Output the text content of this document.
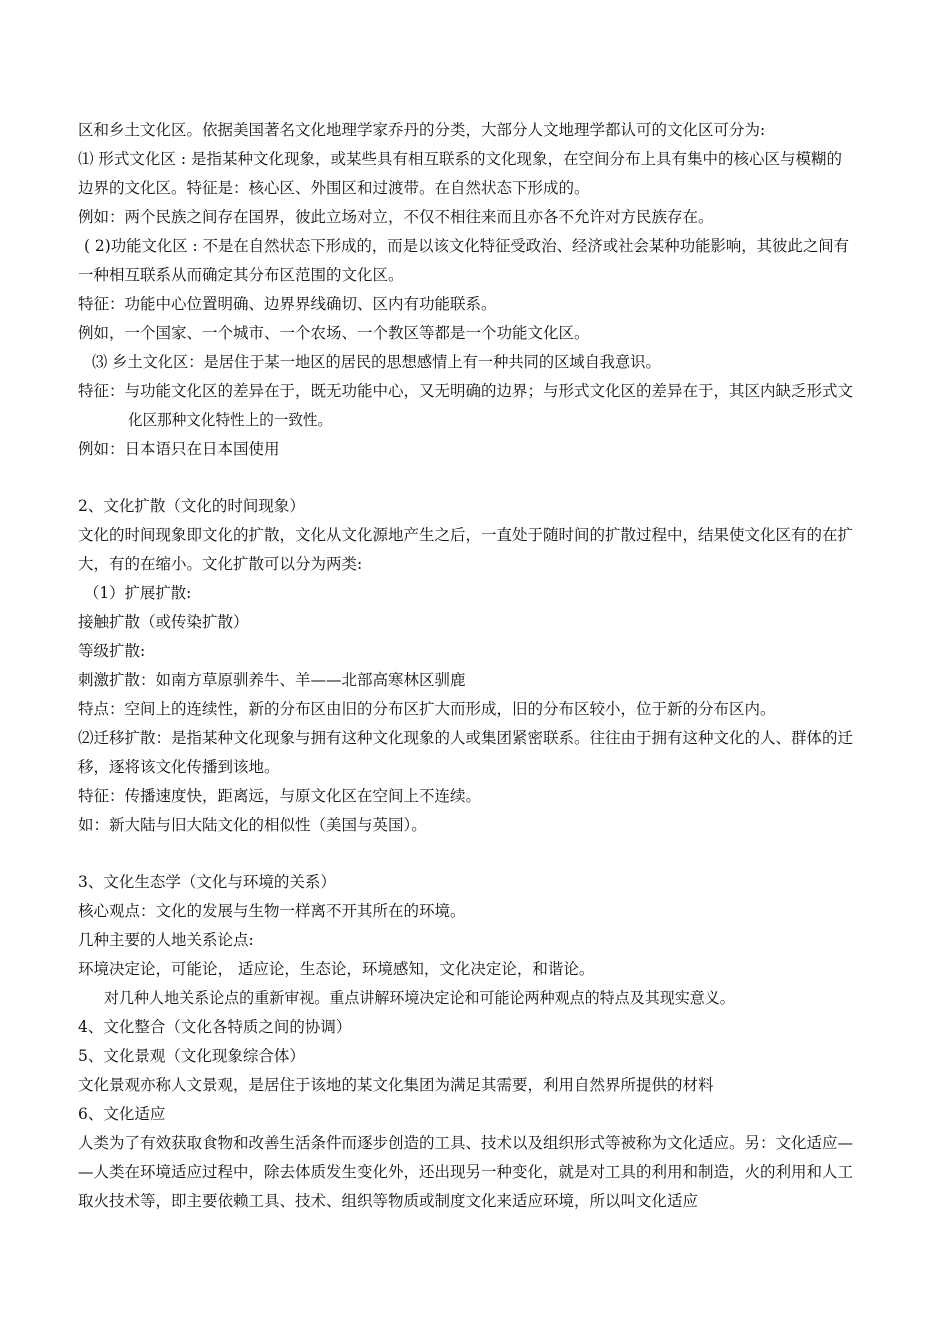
区和乡土文化区。依据美国著名文化地理学家乔丹的分类，大部分人文地理学都认可的文化区可分为:
⑴ 形式文化区 : 是指某种文化现象，或某些具有相互联系的文化现象，在空间分布上具有集中的核心区与模糊的
边界的文化区。特征是：核心区、外围区和过渡带。在自然状态下形成的。
例如：两个民族之间存在国界，彼此立场对立，不仅不相往来而且亦各不允许对方民族存在。
( 2)功能文化区 : 不是在自然状态下形成的，而是以该文化特征受政治、经济或社会某种功能影响，其彼此之间有
一种相互联系从而确定其分布区范围的文化区。
特征：功能中心位置明确、边界界线确切、区内有功能联系。
例如，一个国家、一个城市、一个农场、一个教区等都是一个功能文化区。
⑶ 乡土文化区：是居住于某一地区的居民的思想感情上有一种共同的区域自我意识。
特征：与功能文化区的差异在于，既无功能中心，又无明确的边界；与形式文化区的差异在于，其区内缺乏形式文
化区那种文化特性上的一致性。
例如：日本语只在日本国使用
2、文化扩散（文化的时间现象）
文化的时间现象即文化的扩散，文化从文化源地产生之后，一直处于随时间的扩散过程中，结果使文化区有的在扩
大，有的在缩小。文化扩散可以分为两类:
（1）扩展扩散:
接触扩散（或传染扩散）
等级扩散:
刺激扩散：如南方草原驯养牛、羊——北部高寒林区驯鹿
特点：空间上的连续性，新的分布区由旧的分布区扩大而形成，旧的分布区较小，位于新的分布区内。
⑵迁移扩散：是指某种文化现象与拥有这种文化现象的人或集团紧密联系。往往由于拥有这种文化的人、群体的迁
移，逐将该文化传播到该地。
特征：传播速度快，距离远，与原文化区在空间上不连续。
如：新大陆与旧大陆文化的相似性（美国与英国）。
3、文化生态学（文化与环境的关系）
核心观点：文化的发展与生物一样离不开其所在的环境。
几种主要的人地关系论点:
环境决定论，可能论， 适应论，生态论，环境感知，文化决定论，和谐论。
对几种人地关系论点的重新审视。重点讲解环境决定论和可能论两种观点的特点及其现实意义。
4、文化整合（文化各特质之间的协调）
5、文化景观（文化现象综合体）
文化景观亦称人文景观，是居住于该地的某文化集团为满足其需要，利用自然界所提供的材料
6、文化适应
人类为了有效获取食物和改善生活条件而逐步创造的工具、技术以及组织形式等被称为文化适应。另：文化适应—
—人类在环境适应过程中，除去体质发生变化外，还出现另一种变化，就是对工具的利用和制造，火的利用和人工
取火技术等，即主要依赖工具、技术、组织等物质或制度文化来适应环境，所以叫文化适应
